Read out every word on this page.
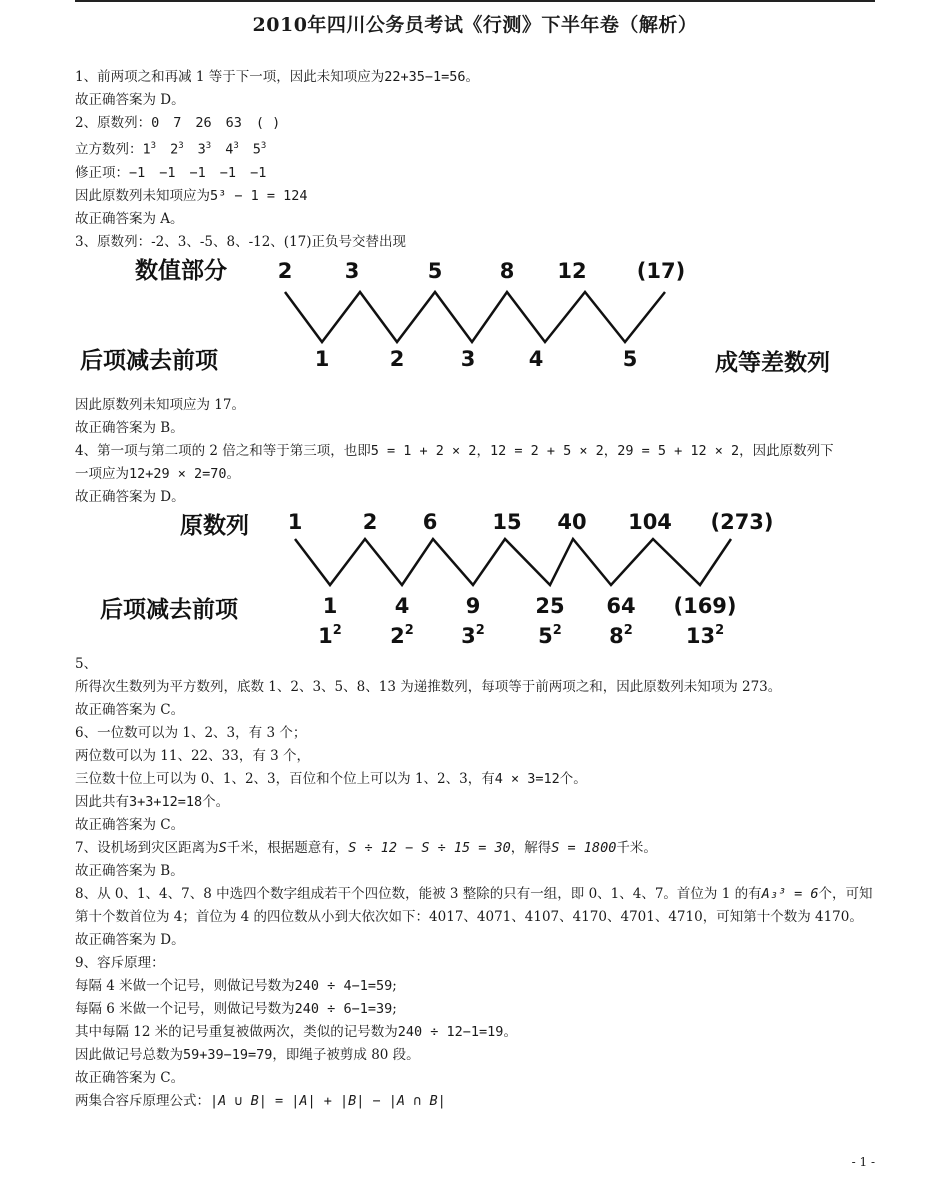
2010年四川公务员考试《行测》下半年卷（解析）
1、前两项之和再减 1 等于下一项，因此未知项应为22+35−1=56。
故正确答案为 D。
2、原数列：0 7 26 63 ( )
立方数列：$1^3$ $2^3$ $3^3$ $4^3$ $5^3$
修正项：−1 −1 −1 −1 −1
因此原数列未知项应为5³ − 1 = 124
故正确答案为 A。
3、原数列：-2、3、-5、8、-12、(17)正负号交替出现
数值部分
后项减去前项	成等差数列
2 3	5	8 12 (17)
1	2	3	4	5
因此原数列未知项应为 17。
故正确答案为 B。
4、第一项与第二项的 2 倍之和等于第三项，也即5 = 1 + 2 × 2，12 = 2 + 5 × 2，29 = 5 + 12 × 2，因此原数列下
一项应为12+29 × 2=70。
故正确答案为 D。
原数列
后项减去前项
1	2 6	15 40 104 (273)
1	4	9	25 64 (169)
$1^2$ $2^2$ $3^2$	$5^2$ $8^2$	$13^2$
5、
所得次生数列为平方数列，底数 1、2、3、5、8、13 为递推数列，每项等于前两项之和，因此原数列未知项为 273。
故正确答案为 C。
6、一位数可以为 1、2、3，有 3 个；
两位数可以为 11、22、33，有 3 个，
三位数十位上可以为 0、1、2、3，百位和个位上可以为 1、2、3，有4 × 3=12个。
因此共有3+3+12=18个。
故正确答案为 C。
7、设机场到灾区距离为S千米，根据题意有，S ÷ 12 − S ÷ 15 = 30，解得S = 1800千米。
故正确答案为 B。
8、从 0、1、4、7、8 中选四个数字组成若干个四位数，能被 3 整除的只有一组，即 0、1、4、7。首位为 1 的有A₃³ = 6个，可知第十个数首位为 4；首位为 4 的四位数从小到大依次如下：4017、4071、4107、4170、4701、4710，可知第十个数为 4170。
故正确答案为 D。
9、容斥原理：
每隔 4 米做一个记号，则做记号数为240 ÷ 4−1=59;
每隔 6 米做一个记号，则做记号数为240 ÷ 6−1=39;
其中每隔 12 米的记号重复被做两次，类似的记号数为240 ÷ 12−1=19。
因此做记号总数为59+39−19=79，即绳子被剪成 80 段。
故正确答案为 C。
两集合容斥原理公式：|A ∪ B| = |A| + |B| − |A ∩ B|
- 1 -
